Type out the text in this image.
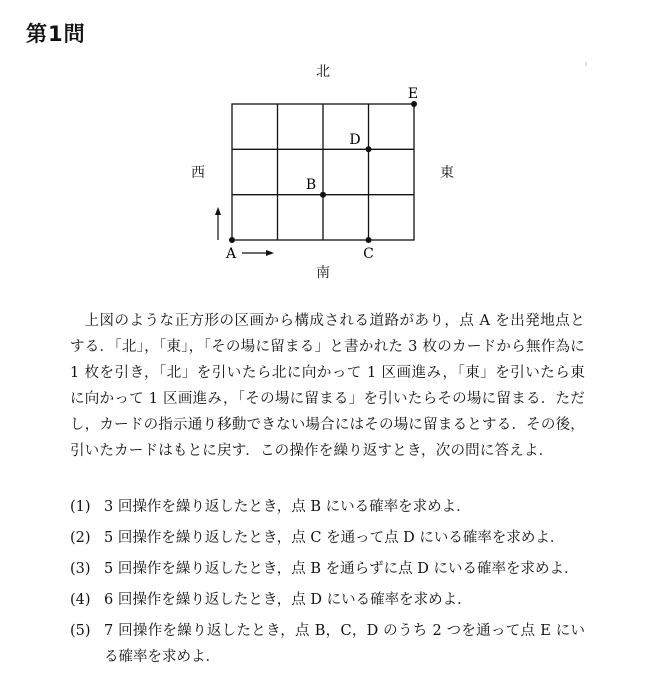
第1問
北
南
東
西
A
B
C
D
E
上図のような正方形の区画から構成される道路があり，点 A を出発地点とする．「北」，「東」，「その場に留まる」と書かれた 3 枚のカードから無作為に 1 枚を引き，「北」を引いたら北に向かって 1 区画進み，「東」を引いたら東に向かって 1 区画進み，「その場に留まる」を引いたらその場に留まる．ただし，カードの指示通り移動できない場合にはその場に留まるとする．その後，引いたカードはもとに戻す．この操作を繰り返すとき，次の問に答えよ．
(1) 3 回操作を繰り返したとき，点 B にいる確率を求めよ．
(2) 5 回操作を繰り返したとき，点 C を通って点 D にいる確率を求めよ．
(3) 5 回操作を繰り返したとき，点 B を通らずに点 D にいる確率を求めよ．
(4) 6 回操作を繰り返したとき，点 D にいる確率を求めよ．
(5) 7 回操作を繰り返したとき，点 B，C，D のうち 2 つを通って点 E にいる確率を求めよ．
